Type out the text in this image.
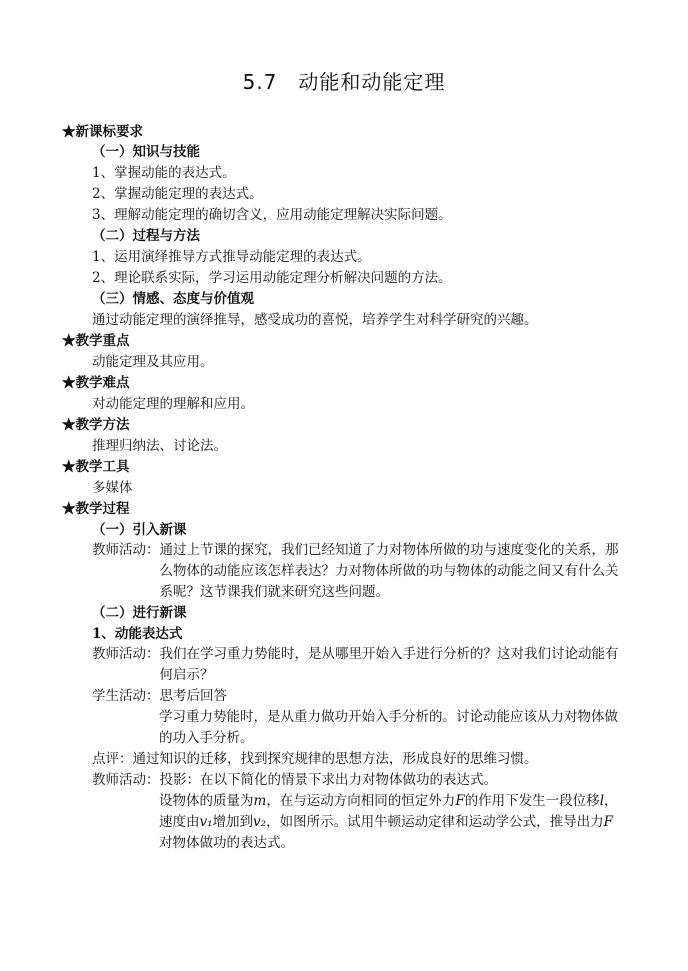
5.7　动能和动能定理
★新课标要求
（一）知识与技能
1、掌握动能的表达式。
2、掌握动能定理的表达式。
3、理解动能定理的确切含义，应用动能定理解决实际问题。
（二）过程与方法
1、运用演绎推导方式推导动能定理的表达式。
2、理论联系实际，学习运用动能定理分析解决问题的方法。
（三）情感、态度与价值观
通过动能定理的演绎推导，感受成功的喜悦，培养学生对科学研究的兴趣。
★教学重点
动能定理及其应用。
★教学难点
对动能定理的理解和应用。
★教学方法
推理归纳法、讨论法。
★教学工具
多媒体
★教学过程
（一）引入新课
教师活动： 通过上节课的探究，我们已经知道了力对物体所做的功与速度变化的关系，那么物体的动能应该怎样表达？力对物体所做的功与物体的动能之间又有什么关系呢？这节课我们就来研究这些问题。
（二）进行新课
1、动能表达式
教师活动： 我们在学习重力势能时，是从哪里开始入手进行分析的？这对我们讨论动能有何启示？
学生活动： 思考后回答
学习重力势能时，是从重力做功开始入手分析的。讨论动能应该从力对物体做的功入手分析。
点评： 通过知识的迁移，找到探究规律的思想方法，形成良好的思维习惯。
教师活动： 投影：在以下简化的情景下求出力对物体做功的表达式。
设物体的质量为m，在与运动方向相同的恒定外力F的作用下发生一段位移l，速度由v₁增加到v₂，如图所示。试用牛顿运动定律和运动学公式，推导出力F对物体做功的表达式。
